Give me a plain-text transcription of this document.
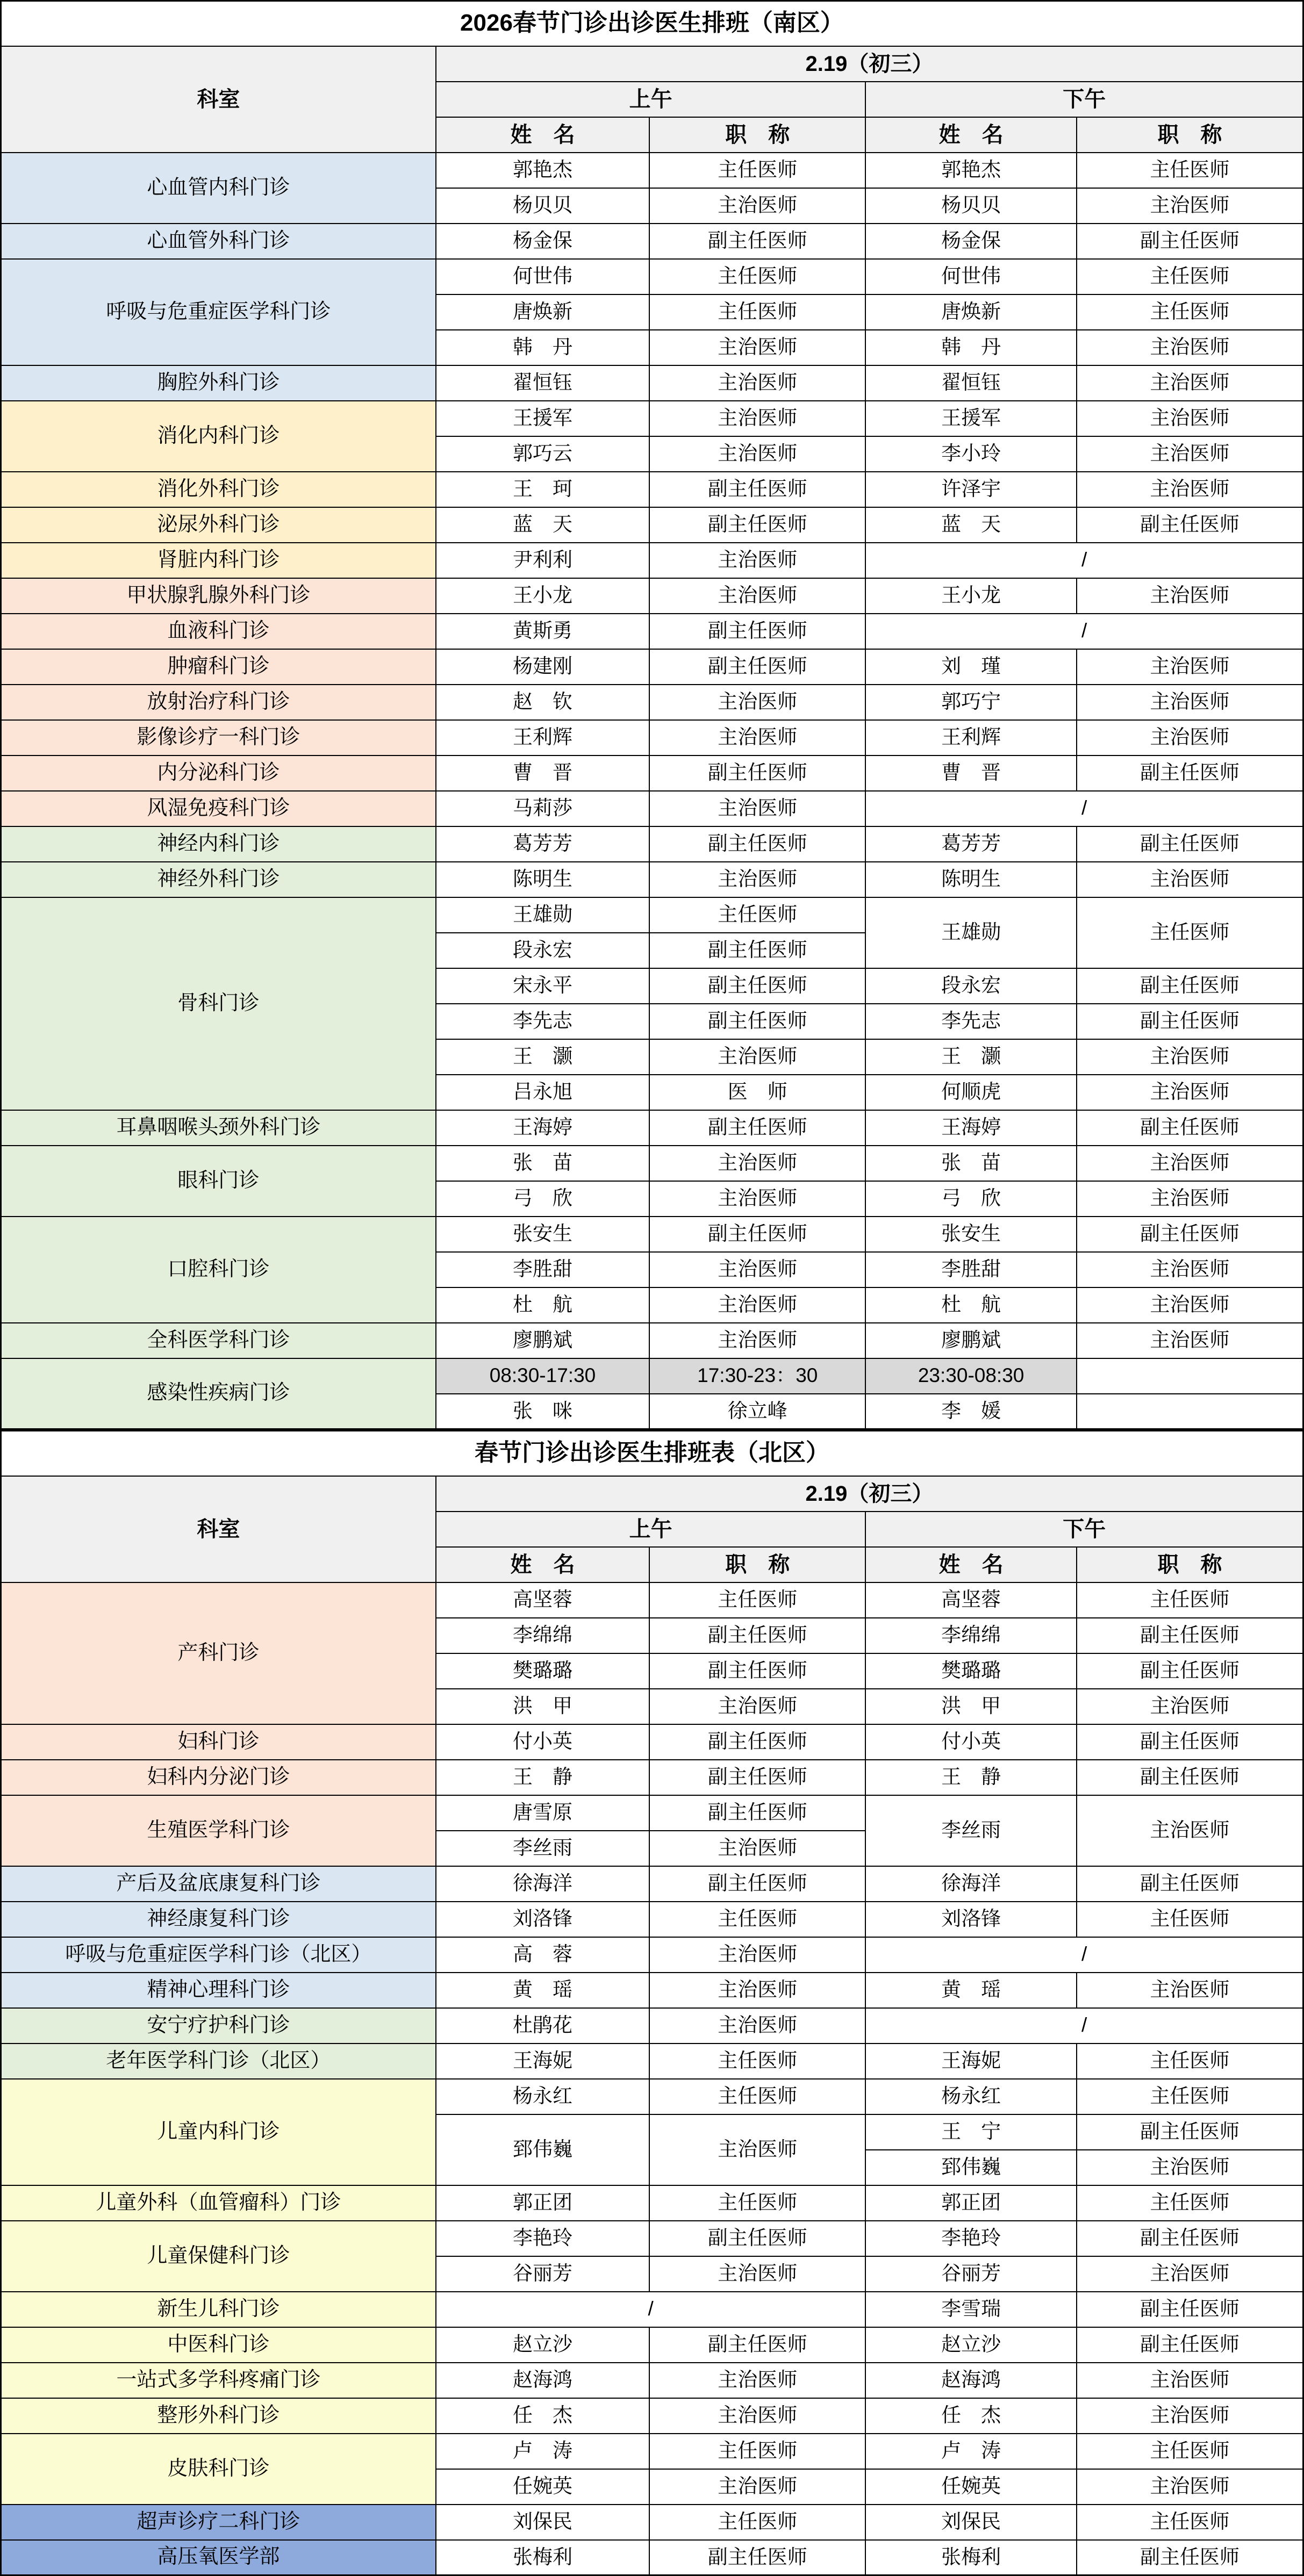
2026春节门诊出诊医生排班（南区）				
科室	2.19（初三）			
	上午		下午	
	姓　名	职　称	姓　名	职　称
心血管内科门诊	郭艳杰	主任医师	郭艳杰	主任医师
	杨贝贝	主治医师	杨贝贝	主治医师
心血管外科门诊	杨金保	副主任医师	杨金保	副主任医师
呼吸与危重症医学科门诊	何世伟	主任医师	何世伟	主任医师
	唐焕新	主任医师	唐焕新	主任医师
	韩　丹	主治医师	韩　丹	主治医师
胸腔外科门诊	翟恒钰	主治医师	翟恒钰	主治医师
消化内科门诊	王援军	主治医师	王援军	主治医师
	郭巧云	主治医师	李小玲	主治医师
消化外科门诊	王　珂	副主任医师	许泽宇	主治医师
泌尿外科门诊	蓝　天	副主任医师	蓝　天	副主任医师
肾脏内科门诊	尹利利	主治医师	/	
甲状腺乳腺外科门诊	王小龙	主治医师	王小龙	主治医师
血液科门诊	黄斯勇	副主任医师	/	
肿瘤科门诊	杨建刚	副主任医师	刘　瑾	主治医师
放射治疗科门诊	赵　钦	主治医师	郭巧宁	主治医师
影像诊疗一科门诊	王利辉	主治医师	王利辉	主治医师
内分泌科门诊	曹　晋	副主任医师	曹　晋	副主任医师
风湿免疫科门诊	马莉莎	主治医师	/	
神经内科门诊	葛芳芳	副主任医师	葛芳芳	副主任医师
神经外科门诊	陈明生	主治医师	陈明生	主治医师
骨科门诊	王雄勋	主任医师	王雄勋	主任医师
	段永宏	副主任医师		
	宋永平	副主任医师	段永宏	副主任医师
	李先志	副主任医师	李先志	副主任医师
	王　灏	主治医师	王　灏	主治医师
	吕永旭	医　师	何顺虎	主治医师
耳鼻咽喉头颈外科门诊	王海婷	副主任医师	王海婷	副主任医师
眼科门诊	张　苗	主治医师	张　苗	主治医师
	弓　欣	主治医师	弓　欣	主治医师
口腔科门诊	张安生	副主任医师	张安生	副主任医师
	李胜甜	主治医师	李胜甜	主治医师
	杜　航	主治医师	杜　航	主治医师
全科医学科门诊	廖鹏斌	主治医师	廖鹏斌	主治医师
感染性疾病门诊	08:30-17:30	17:30-23：30	23:30-08:30	
	张　咪	徐立峰	李　媛	
春节门诊出诊医生排班表（北区）				
科室	2.19（初三）			
	上午		下午	
	姓　名	职　称	姓　名	职　称
产科门诊	高坚蓉	主任医师	高坚蓉	主任医师
	李绵绵	副主任医师	李绵绵	副主任医师
	樊璐璐	副主任医师	樊璐璐	副主任医师
	洪　甲	主治医师	洪　甲	主治医师
妇科门诊	付小英	副主任医师	付小英	副主任医师
妇科内分泌门诊	王　静	副主任医师	王　静	副主任医师
生殖医学科门诊	唐雪原	副主任医师	李丝雨	主治医师
	李丝雨	主治医师		
产后及盆底康复科门诊	徐海洋	副主任医师	徐海洋	副主任医师
神经康复科门诊	刘洛锋	主任医师	刘洛锋	主任医师
呼吸与危重症医学科门诊（北区）	高　蓉	主治医师	/	
精神心理科门诊	黄　瑶	主治医师	黄　瑶	主治医师
安宁疗护科门诊	杜鹃花	主治医师	/	
老年医学科门诊（北区）	王海妮	主任医师	王海妮	主任医师
儿童内科门诊	杨永红	主任医师	杨永红	主任医师
	郅伟巍	主治医师	王　宁	副主任医师
			郅伟巍	主治医师
儿童外科（血管瘤科）门诊	郭正团	主任医师	郭正团	主任医师
儿童保健科门诊	李艳玲	副主任医师	李艳玲	副主任医师
	谷丽芳	主治医师	谷丽芳	主治医师
新生儿科门诊	/		李雪瑞	副主任医师
中医科门诊	赵立沙	副主任医师	赵立沙	副主任医师
一站式多学科疼痛门诊	赵海鸿	主治医师	赵海鸿	主治医师
整形外科门诊	任　杰	主治医师	任　杰	主治医师
皮肤科门诊	卢　涛	主任医师	卢　涛	主任医师
	任婉英	主治医师	任婉英	主治医师
超声诊疗二科门诊	刘保民	主任医师	刘保民	主任医师
高压氧医学部	张梅利	副主任医师	张梅利	副主任医师
